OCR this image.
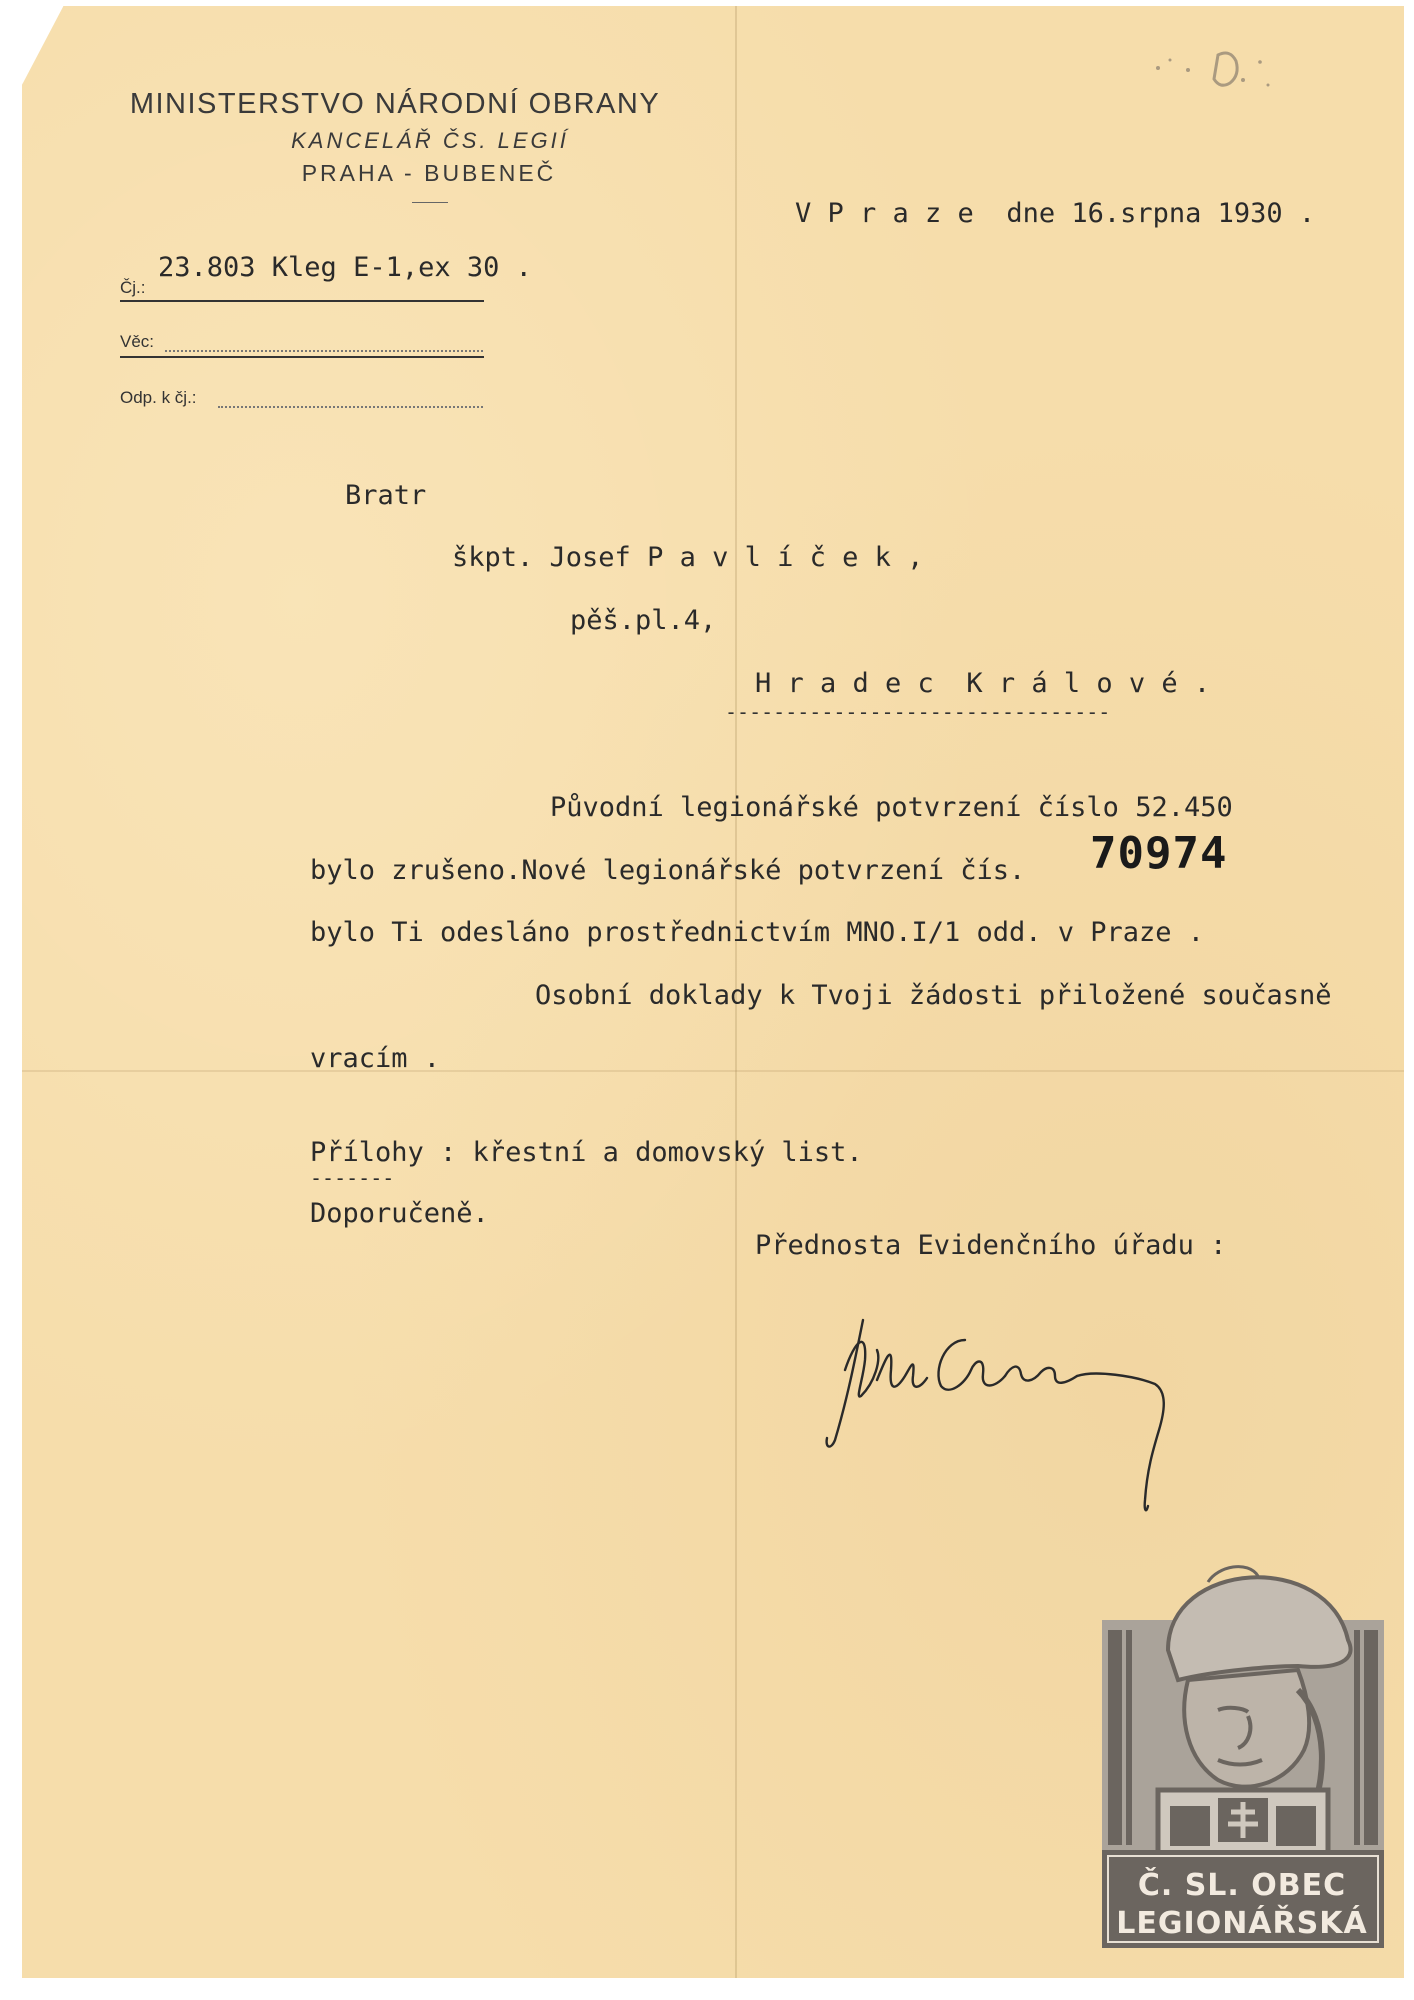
MINISTERSTVO NÁRODNÍ OBRANY
KANCELÁŘ ČS. LEGIÍ
PRAHA - BUBENEČ
V P r a z e  dne 16.srpna 1930 .
Čj.:
23.803 Kleg E-1,ex 30 .
Věc:
Odp. k čj.:
Bratr
škpt. Josef P a v l í č e k ,
pěš.pl.4,
H r a d e c  K r á l o v é .
--------------------------------
Původní legionářské potvrzení číslo 52.450
bylo zrušeno.Nové legionářské potvrzení čís. 70974
bylo Ti odesláno prostřednictvím MNO.I/1 odd. v Praze .
Osobní doklady k Tvoji žádosti přiložené současně
vracím .
Přílohy : křestní a domovský list.
-------
Doporučeně.
Přednosta Evidenčního úřadu :
Č. SL. OBEC
LEGIONÁŘSKÁ
